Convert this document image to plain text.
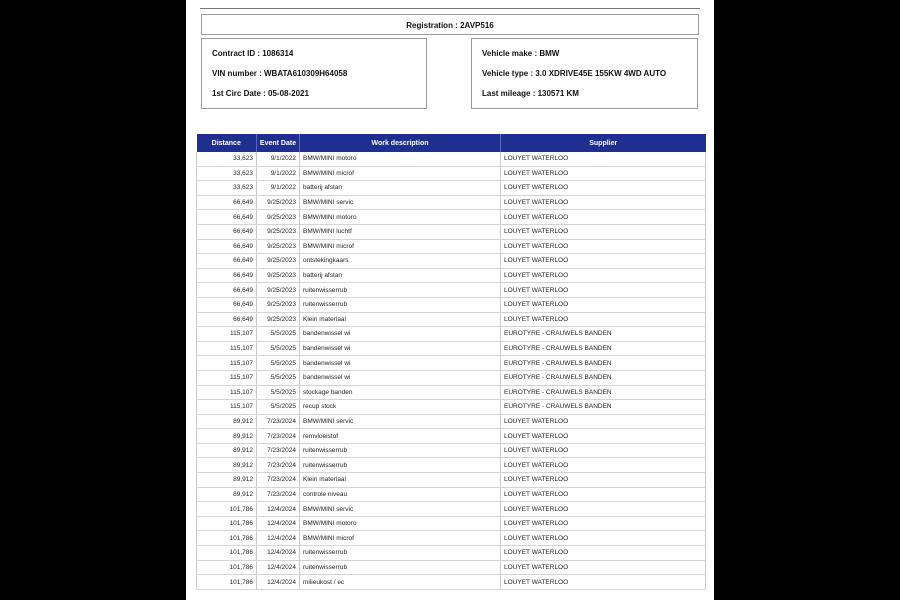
Registration : 2AVP516
Contract ID : 1086314
VIN number : WBATA610309H64058
1st Circ Date : 05-08-2021
Vehicle make : BMW
Vehicle type : 3.0 XDRIVE45E 155KW 4WD AUTO
Last mileage : 130571 KM
Distance	Event Date	Work description	Supplier
33,623	9/1/2022	BMW/MINI motoro	LOUYET WATERLOO
33,623	9/1/2022	BMW/MINI microf	LOUYET WATERLOO
33,623	9/1/2022	batterij afstan	LOUYET WATERLOO
66,649	9/25/2023	BMW/MINI servic	LOUYET WATERLOO
66,649	9/25/2023	BMW/MINI motoro	LOUYET WATERLOO
66,649	9/25/2023	BMW/MINI luchtf	LOUYET WATERLOO
66,649	9/25/2023	BMW/MINI microf	LOUYET WATERLOO
66,649	9/25/2023	ontstekingkaars	LOUYET WATERLOO
66,649	9/25/2023	batterij afstan	LOUYET WATERLOO
66,649	9/25/2023	ruitenwisserrub	LOUYET WATERLOO
66,649	9/25/2023	ruitenwisserrub	LOUYET WATERLOO
66,649	9/25/2023	Klein materiaal	LOUYET WATERLOO
115,107	5/5/2025	bandenwissel wi	EUROTYRE - CRAUWELS BANDEN
115,107	5/5/2025	bandenwissel wi	EUROTYRE - CRAUWELS BANDEN
115,107	5/5/2025	bandenwissel wi	EUROTYRE - CRAUWELS BANDEN
115,107	5/5/2025	bandenwissel wi	EUROTYRE - CRAUWELS BANDEN
115,107	5/5/2025	stockage banden	EUROTYRE - CRAUWELS BANDEN
115,107	5/5/2025	recup stock	EUROTYRE - CRAUWELS BANDEN
89,912	7/23/2024	BMW/MINI servic	LOUYET WATERLOO
89,912	7/23/2024	remvloeistof	LOUYET WATERLOO
89,912	7/23/2024	ruitenwisserrub	LOUYET WATERLOO
89,912	7/23/2024	ruitenwisserrub	LOUYET WATERLOO
89,912	7/23/2024	Klein materiaal	LOUYET WATERLOO
89,912	7/23/2024	controle niveau	LOUYET WATERLOO
101,786	12/4/2024	BMW/MINI servic	LOUYET WATERLOO
101,786	12/4/2024	BMW/MINI motoro	LOUYET WATERLOO
101,786	12/4/2024	BMW/MINI microf	LOUYET WATERLOO
101,786	12/4/2024	ruitenwisserrub	LOUYET WATERLOO
101,786	12/4/2024	ruitenwisserrub	LOUYET WATERLOO
101,786	12/4/2024	milieukost / ec	LOUYET WATERLOO
